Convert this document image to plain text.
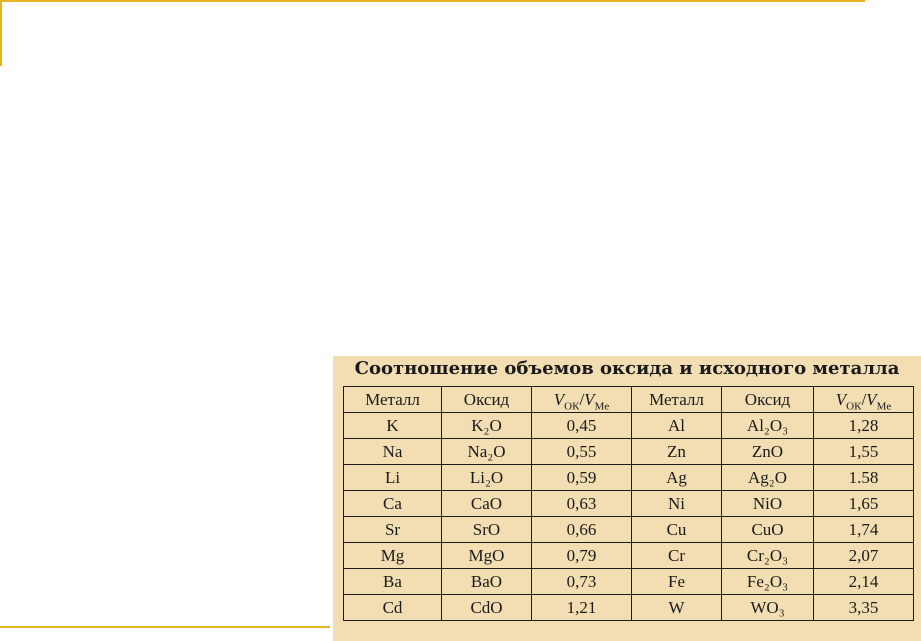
Соотношение объемов оксида и исходного металла
Металл	Оксид	$V_{ОК}/V_{Me}$	Металл	Оксид	$V_{ОК}/V_{Me}$
K	K₂O	0,45	Al	Al₂O₃	1,28
Na	Na₂O	0,55	Zn	ZnO	1,55
Li	Li₂O	0,59	Ag	Ag₂O	1.58
Ca	CaO	0,63	Ni	NiO	1,65
Sr	SrO	0,66	Cu	CuO	1,74
Mg	MgO	0,79	Cr	Cr₂O₃	2,07
Ba	BaO	0,73	Fe	Fe₂O₃	2,14
Cd	CdO	1,21	W	WO₃	3,35
